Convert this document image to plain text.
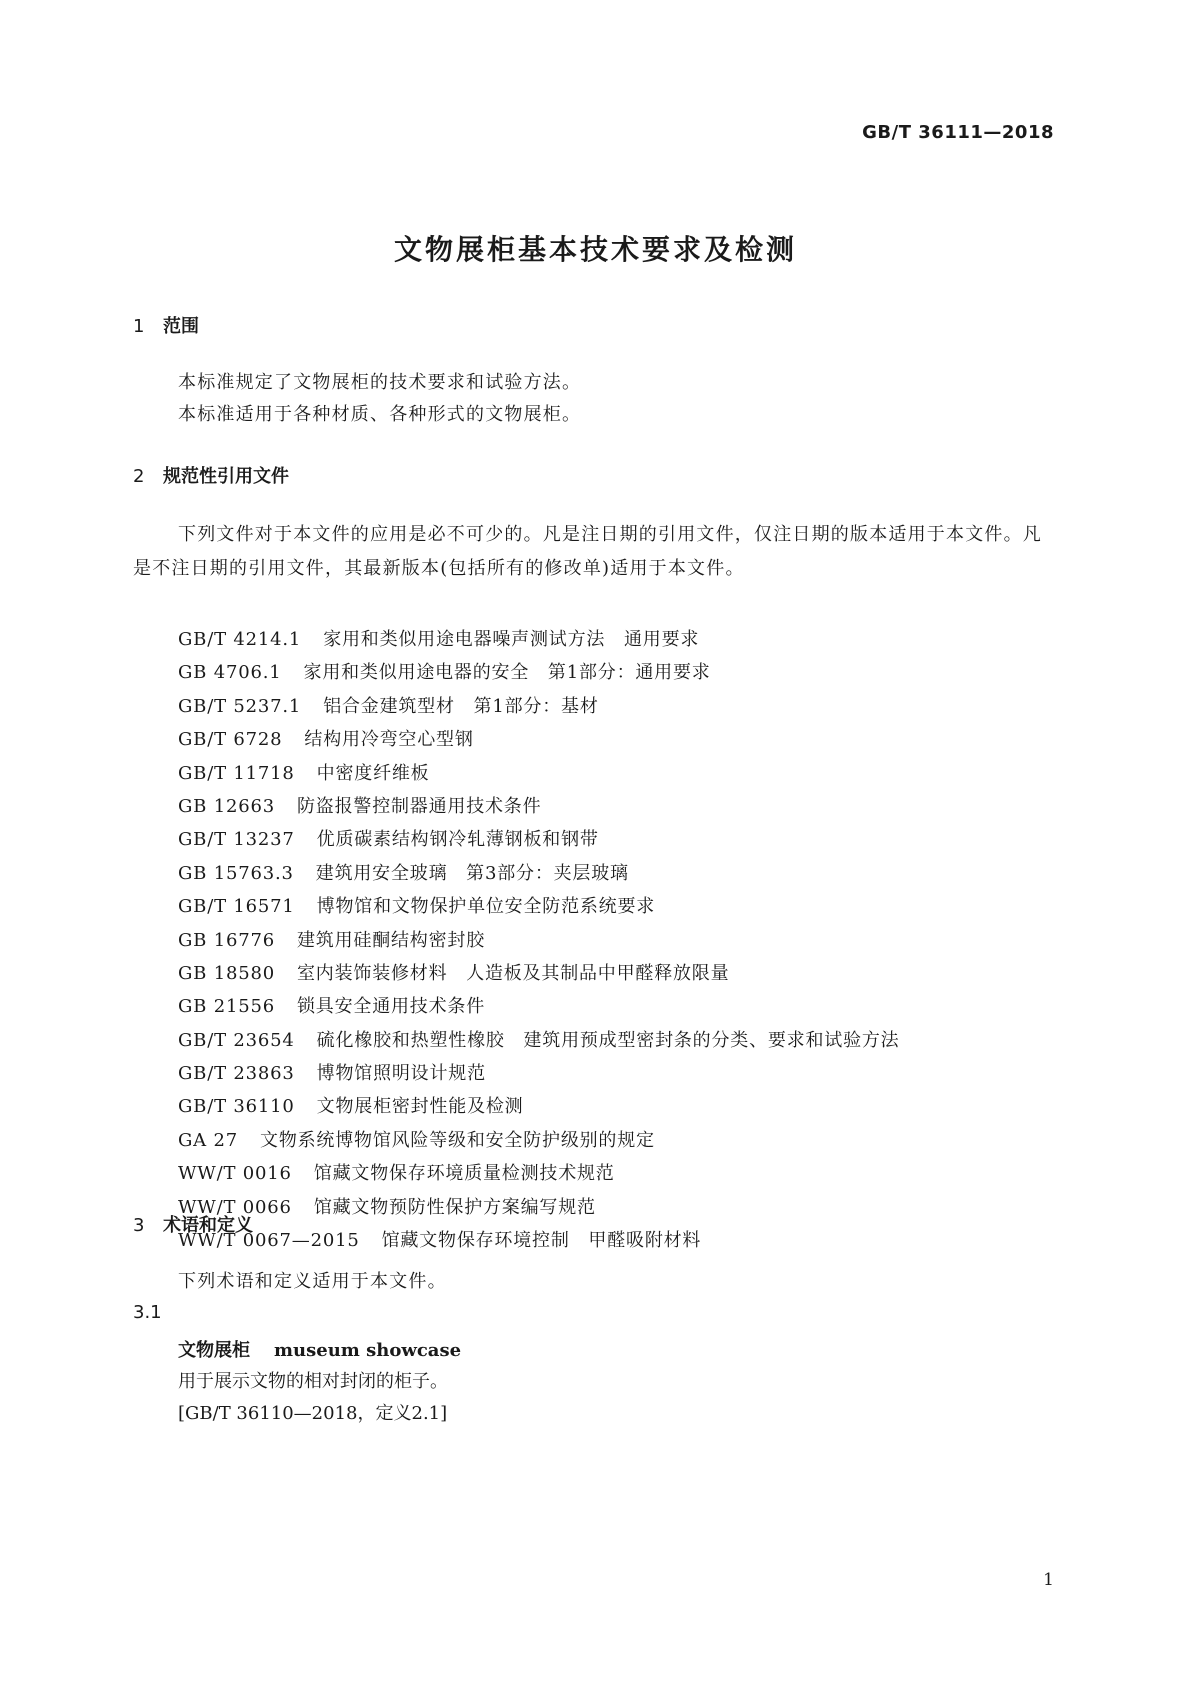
GB/T 36111—2018
文物展柜基本技术要求及检测
1 范围
本标准规定了文物展柜的技术要求和试验方法。
本标准适用于各种材质、各种形式的文物展柜。
2 规范性引用文件
下列文件对于本文件的应用是必不可少的。凡是注日期的引用文件，仅注日期的版本适用于本文件。凡是不注日期的引用文件，其最新版本(包括所有的修改单)适用于本文件。
GB/T 4214.1 家用和类似用途电器噪声测试方法　通用要求
GB 4706.1 家用和类似用途电器的安全　第1部分：通用要求
GB/T 5237.1 铝合金建筑型材　第1部分：基材
GB/T 6728 结构用冷弯空心型钢
GB/T 11718 中密度纤维板
GB 12663 防盗报警控制器通用技术条件
GB/T 13237 优质碳素结构钢冷轧薄钢板和钢带
GB 15763.3 建筑用安全玻璃　第3部分：夹层玻璃
GB/T 16571 博物馆和文物保护单位安全防范系统要求
GB 16776 建筑用硅酮结构密封胶
GB 18580 室内装饰装修材料　人造板及其制品中甲醛释放限量
GB 21556 锁具安全通用技术条件
GB/T 23654 硫化橡胶和热塑性橡胶　建筑用预成型密封条的分类、要求和试验方法
GB/T 23863 博物馆照明设计规范
GB/T 36110 文物展柜密封性能及检测
GA 27 文物系统博物馆风险等级和安全防护级别的规定
WW/T 0016 馆藏文物保存环境质量检测技术规范
WW/T 0066 馆藏文物预防性保护方案编写规范
WW/T 0067—2015 馆藏文物保存环境控制　甲醛吸附材料
3 术语和定义
下列术语和定义适用于本文件。
3.1
文物展柜 museum showcase
用于展示文物的相对封闭的柜子。
[GB/T 36110—2018，定义2.1]
1
